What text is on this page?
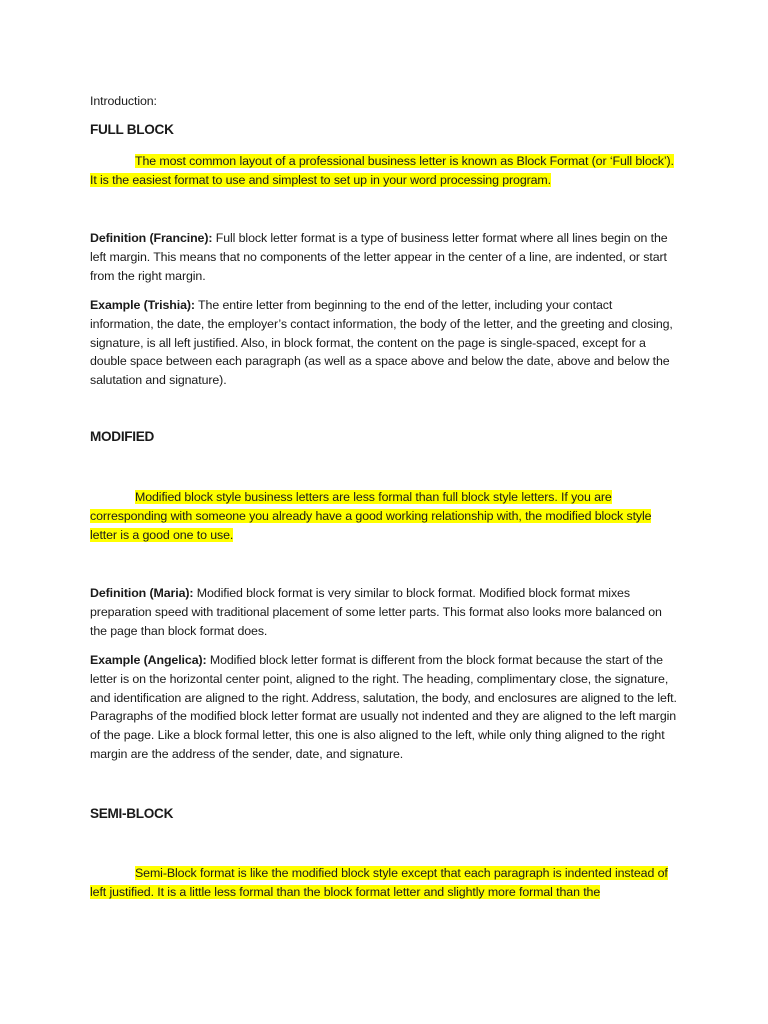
Introduction:
FULL BLOCK
The most common layout of a professional business letter is known as Block Format (or ‘Full block’). It is the easiest format to use and simplest to set up in your word processing program.
Definition (Francine): Full block letter format is a type of business letter format where all lines begin on the left margin. This means that no components of the letter appear in the center of a line, are indented, or start from the right margin.
Example (Trishia): The entire letter from beginning to the end of the letter, including your contact information, the date, the employer’s contact information, the body of the letter, and the greeting and closing, signature, is all left justified. Also, in block format, the content on the page is single-spaced, except for a double space between each paragraph (as well as a space above and below the date, above and below the salutation and signature).
MODIFIED
Modified block style business letters are less formal than full block style letters. If you are corresponding with someone you already have a good working relationship with, the modified block style letter is a good one to use.
Definition (Maria): Modified block format is very similar to block format. Modified block format mixes preparation speed with traditional placement of some letter parts. This format also looks more balanced on the page than block format does.
Example (Angelica): Modified block letter format is different from the block format because the start of the letter is on the horizontal center point, aligned to the right. The heading, complimentary close, the signature, and identification are aligned to the right. Address, salutation, the body, and enclosures are aligned to the left. Paragraphs of the modified block letter format are usually not indented and they are aligned to the left margin of the page. Like a block formal letter, this one is also aligned to the left, while only thing aligned to the right margin are the address of the sender, date, and signature.
SEMI-BLOCK
Semi-Block format is like the modified block style except that each paragraph is indented instead of left justified. It is a little less formal than the block format letter and slightly more formal than the
